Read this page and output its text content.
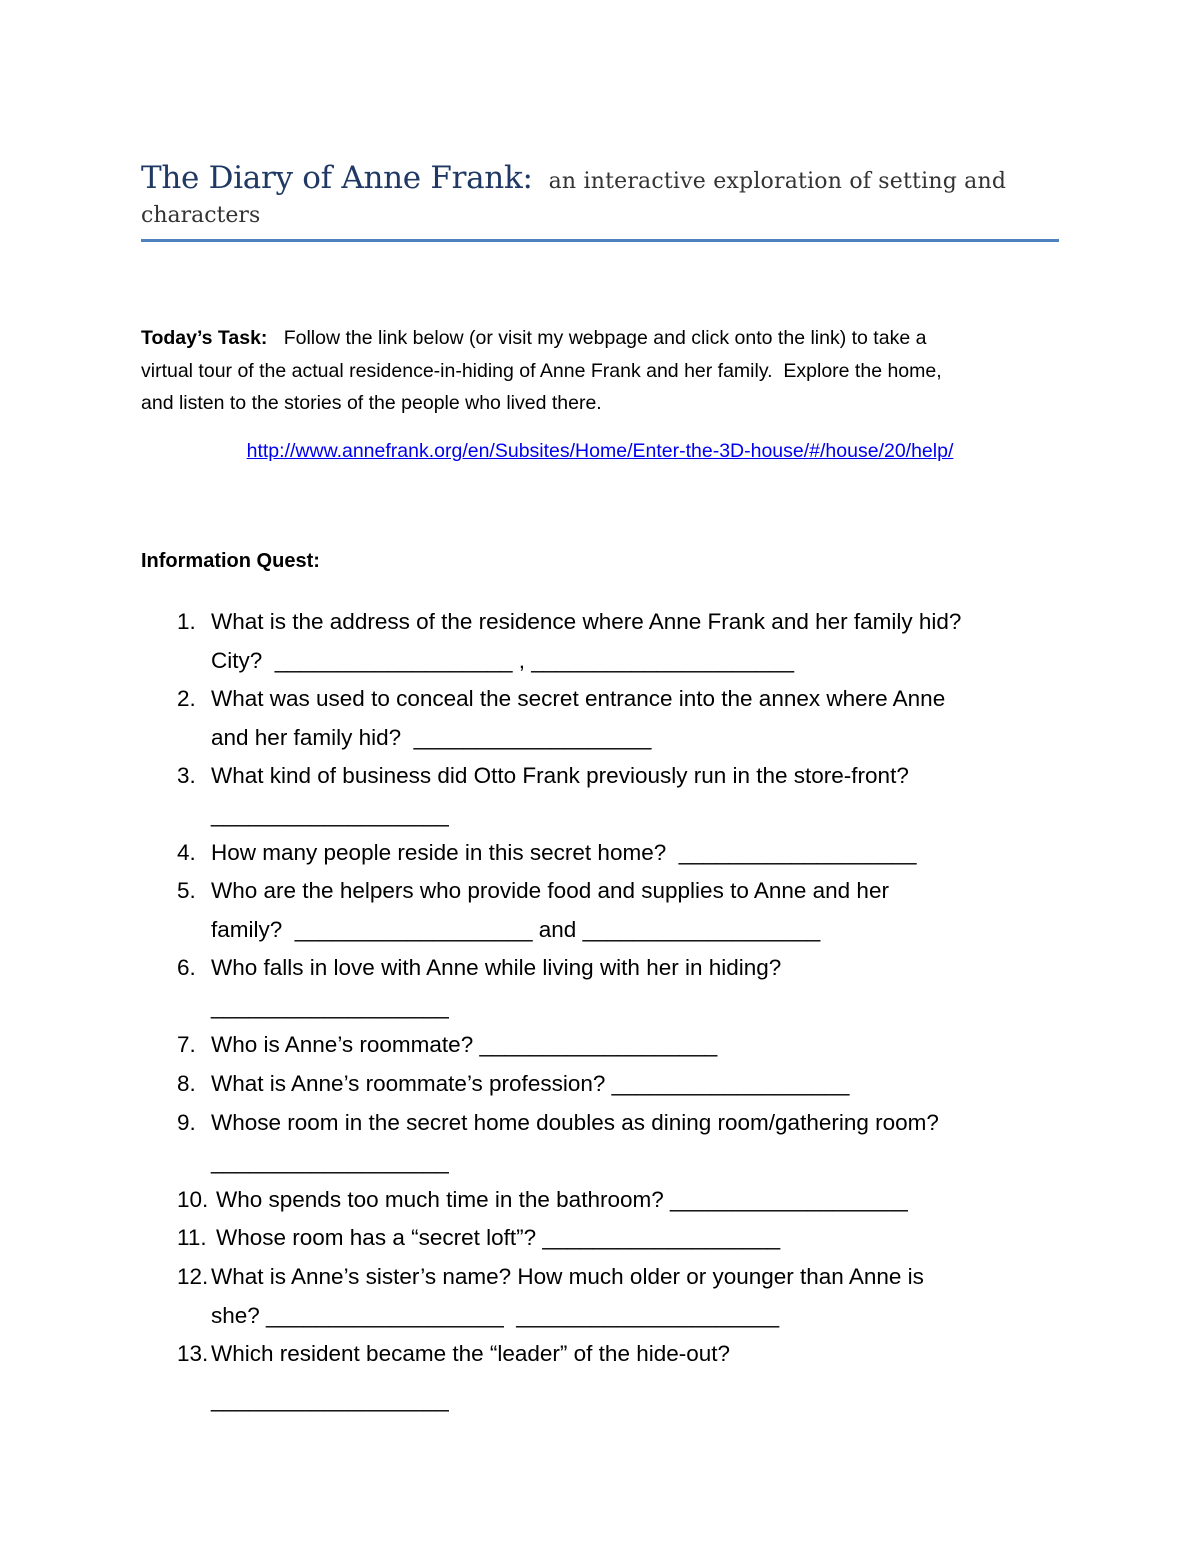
The Diary of Anne Frank: an interactive exploration of setting and
characters
Today’s Task: Follow the link below (or visit my webpage and click onto the link) to take a
virtual tour of the actual residence-in-hiding of Anne Frank and her family.  Explore the home,
and listen to the stories of the people who lived there.
http://www.annefrank.org/en/Subsites/Home/Enter-the-3D-house/#/house/20/help/
Information Quest:
1. What is the address of the residence where Anne Frank and her family hid?
City?  ___________________ , _____________________
2. What was used to conceal the secret entrance into the annex where Anne
and her family hid?  ___________________
3. What kind of business did Otto Frank previously run in the store-front?
___________________
4. How many people reside in this secret home?  ___________________
5. Who are the helpers who provide food and supplies to Anne and her
family?  ___________________ and ___________________
6. Who falls in love with Anne while living with her in hiding?
___________________
7. Who is Anne’s roommate? ___________________
8. What is Anne’s roommate’s profession? ___________________
9. Whose room in the secret home doubles as dining room/gathering room?
___________________
10. Who spends too much time in the bathroom? ___________________
11. Whose room has a “secret loft”? ___________________
12. What is Anne’s sister’s name? How much older or younger than Anne is
she? ___________________  _____________________
13. Which resident became the “leader” of the hide-out?
___________________
